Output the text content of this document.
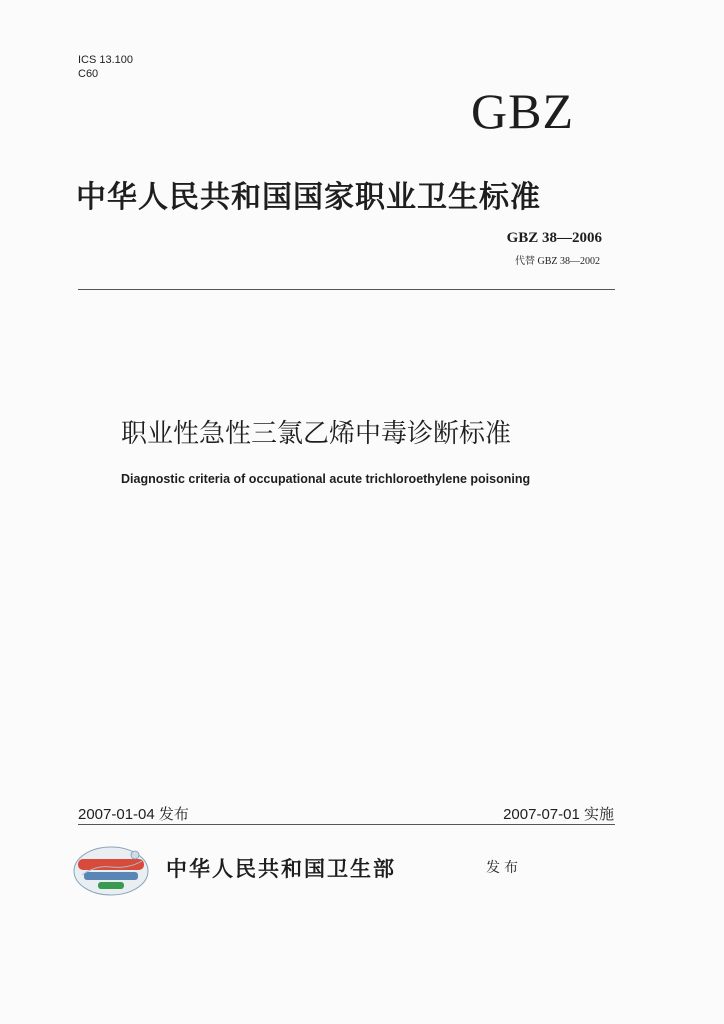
ICS 13.100
C60
GBZ
中华人民共和国国家职业卫生标准
GBZ 38—2006
代替 GBZ 38—2002
职业性急性三氯乙烯中毒诊断标准
Diagnostic criteria of occupational acute trichloroethylene poisoning
2007-01-04 发布	2007-07-01 实施
中华人民共和国卫生部	发布
